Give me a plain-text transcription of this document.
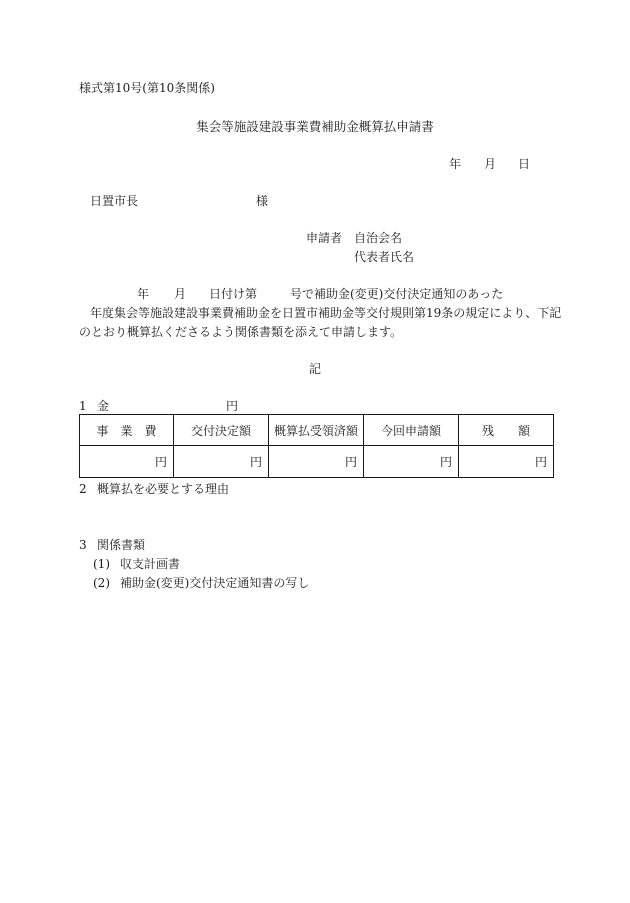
様式第10号(第10条関係)
集会等施設建設事業費補助金概算払申請書
年 月 日
日置市長	様
申請者 自治会名
代表者氏名
年 月 日付け第	号で補助金(変更)交付決定通知のあった
年度集会等施設建設事業費補助金を日置市補助金等交付規則第19条の規定により、下記
のとおり概算払くださるよう関係書類を添えて申請します。
記
1 金	円
事　業　費	交付決定額	概算払受領済額	今回申請額	残　　額
円	円	円	円	円
2 概算払を必要とする理由
3 関係書類
(1) 収支計画書
(2) 補助金(変更)交付決定通知書の写し
